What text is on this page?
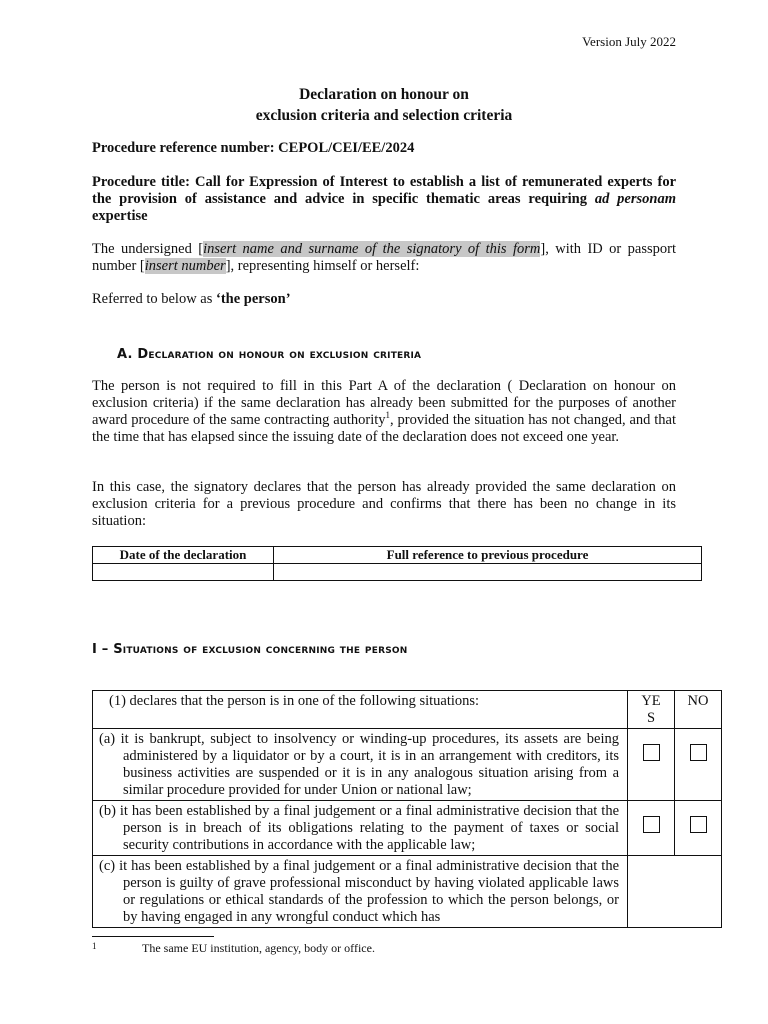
Version July 2022
Declaration on honour on
exclusion criteria and selection criteria
Procedure reference number: CEPOL/CEI/EE/2024
Procedure title: Call for Expression of Interest to establish a list of remunerated experts for the provision of assistance and advice in specific thematic areas requiring ad personam expertise
The undersigned [insert name and surname of the signatory of this form], with ID or passport number [insert number], representing himself or herself:
Referred to below as ‘the person’
A. Declaration on honour on exclusion criteria
The person is not required to fill in this Part A of the declaration ( Declaration on honour on exclusion criteria) if the same declaration has already been submitted for the purposes of another award procedure of the same contracting authority$^1$, provided the situation has not changed, and that the time that has elapsed since the issuing date of the declaration does not exceed one year.
In this case, the signatory declares that the person has already provided the same declaration on exclusion criteria for a previous procedure and confirms that there has been no change in its situation:
Date of the declaration	Full reference to previous procedure

I – Situations of exclusion concerning the person
(1) declares that the person is in one of the following situations:	YES	NO

(a) it is bankrupt, subject to insolvency or winding-up procedures, its assets are being administered by a liquidator or by a court, it is in an arrangement with creditors, its business activities are suspended or it is in any analogous situation arising from a similar procedure provided for under Union or national law;		

(b) it has been established by a final judgement or a final administrative decision that the person is in breach of its obligations relating to the payment of taxes or social security contributions in accordance with the applicable law;		

(c) it has been established by a final judgement or a final administrative decision that the person is guilty of grave professional misconduct by having violated applicable laws or regulations or ethical standards of the profession to which the person belongs, or by having engaged in any wrongful conduct which has		

$^1$	The same EU institution, agency, body or office.
